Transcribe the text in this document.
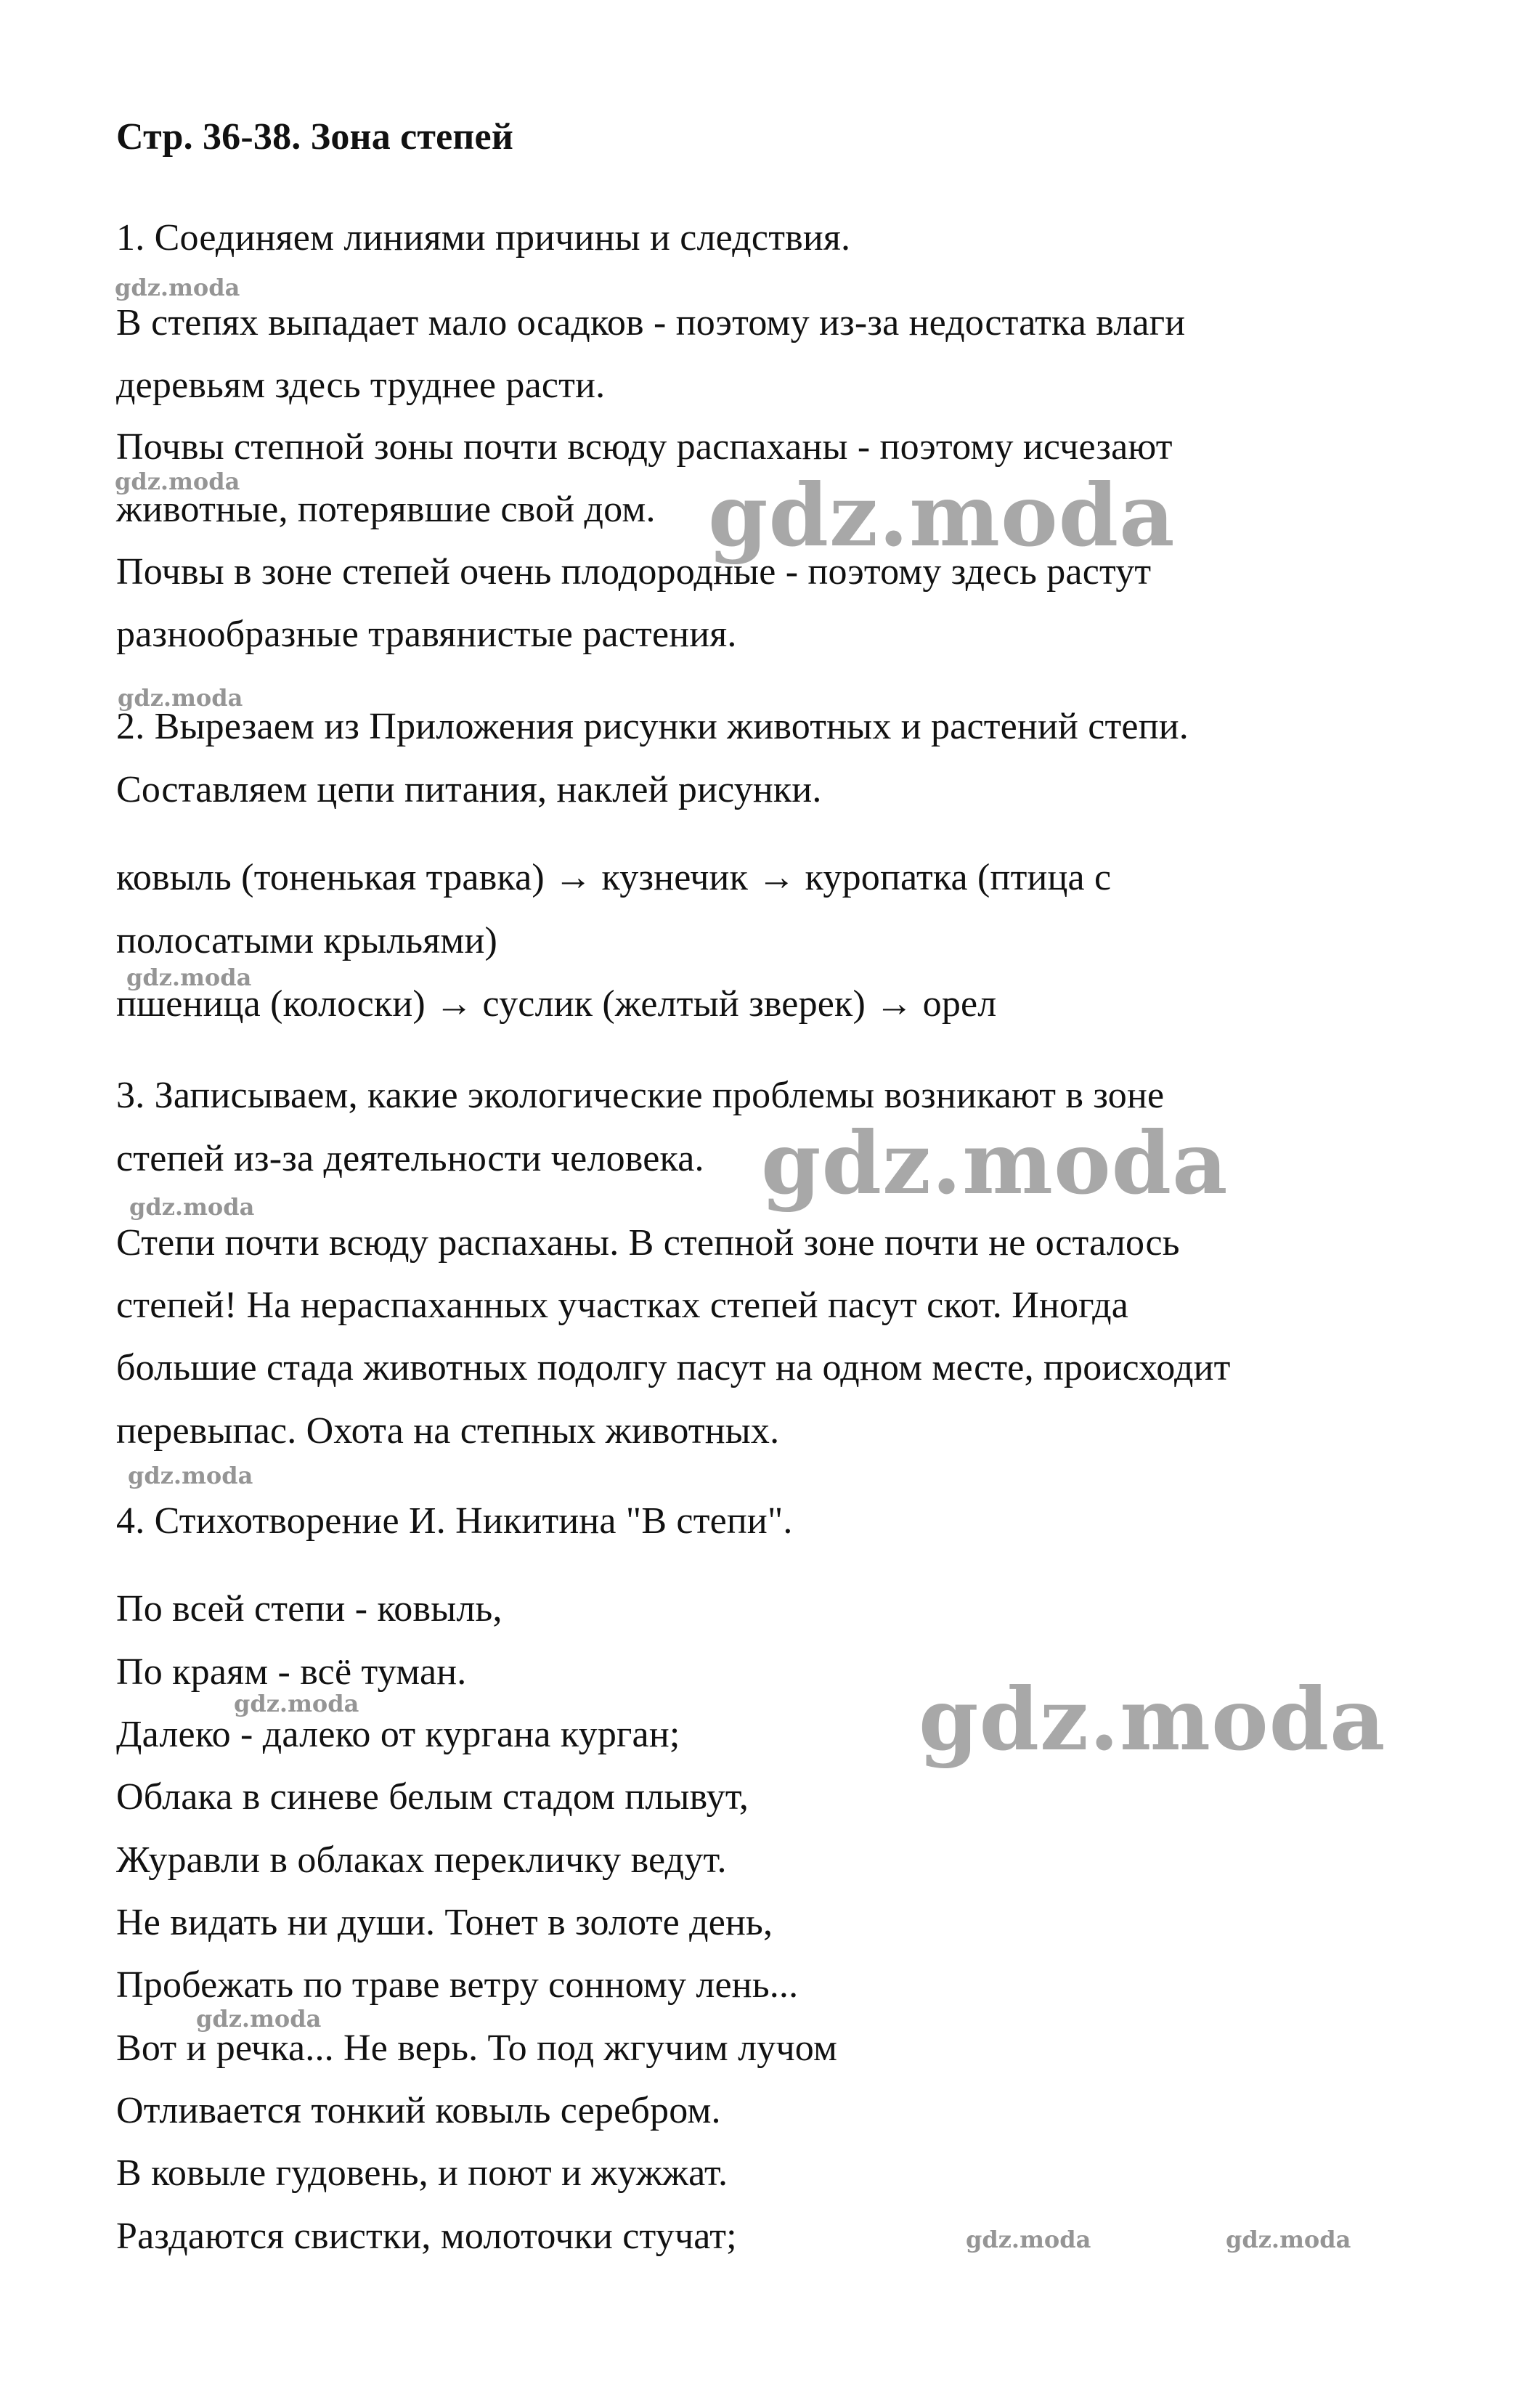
Стр. 36-38. Зона степей
1. Соединяем линиями причины и следствия.
В степях выпадает мало осадков - поэтому из-за недостатка влаги
деревьям здесь труднее расти.
Почвы степной зоны почти всюду распаханы - поэтому исчезают
животные, потерявшие свой дом.
Почвы в зоне степей очень плодородные - поэтому здесь растут
разнообразные травянистые растения.
2. Вырезаем из Приложения рисунки животных и растений степи.
Составляем цепи питания, наклей рисунки.
ковыль (тоненькая травка) → кузнечик → куропатка (птица с
полосатыми крыльями)
пшеница (колоски) → суслик (желтый зверек) → орел
3. Записываем, какие экологические проблемы возникают в зоне
степей из-за деятельности человека.
Степи почти всюду распаханы. В степной зоне почти не осталось
степей! На нераспаханных участках степей пасут скот. Иногда
большие стада животных подолгу пасут на одном месте, происходит
перевыпас. Охота на степных животных.
4. Стихотворение И. Никитина "В степи".
По всей степи - ковыль,
По краям - всё туман.
Далеко - далеко от кургана курган;
Облака в синеве белым стадом плывут,
Журавли в облаках перекличку ведут.
Не видать ни души. Тонет в золоте день,
Пробежать по траве ветру сонному лень...
Вот и речка... Не верь. То под жгучим лучом
Отливается тонкий ковыль серебром.
В ковыле гудовень, и поют и жужжат.
Раздаются свистки, молоточки стучат;
gdz.moda
gdz.moda	gdz.moda
gdz.moda
gdz.moda
gdz.moda
gdz.moda
gdz.moda
gdz.moda	gdz.moda
gdz.moda
gdz.moda	gdz.moda
